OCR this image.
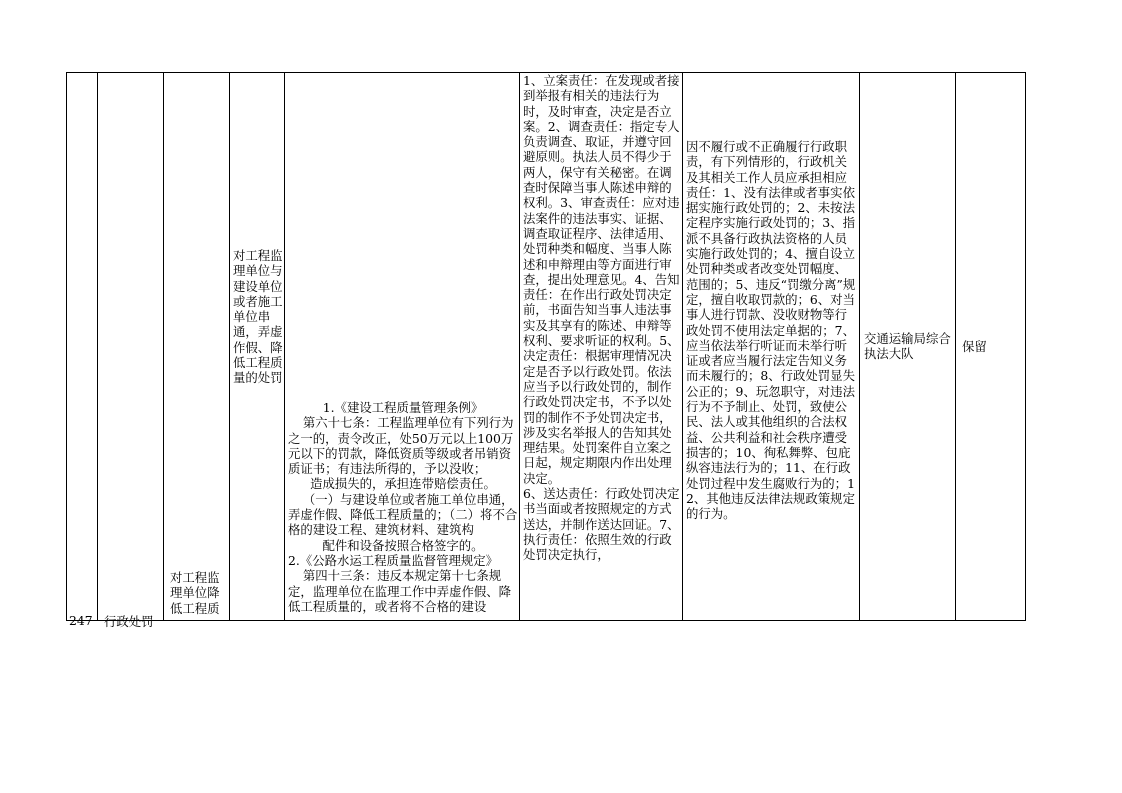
247 行政处罚
对工程监理单位降低工程质
对工程监理单位与建设单位或者施工单位串通，弄虚作假、降低工程质量的处罚

1.《建设工程质量管理条例》

第六十七条：工程监理单位有下列行为之一的，责令改正，处50万元以上100万元以下的罚款，降低资质等级或者吊销资质证书；有违法所得的，予以没收；

造成损失的，承担连带赔偿责任。

（一）与建设单位或者施工单位串通，弄虚作假、降低工程质量的；（二）将不合格的建设工程、建筑材料、建筑构

配件和设备按照合格签字的。

2.《公路水运工程质量监督管理规定》

第四十三条：违反本规定第十七条规定，监理单位在监理工作中弄虚作假、降低工程质量的，或者将不合格的建设

1、立案责任：在发现或者接到举报有相关的违法行为时，及时审查，决定是否立案。2、调查责任：指定专人负责调查、取证，并遵守回避原则。执法人员不得少于两人，保守有关秘密。在调查时保障当事人陈述申辩的权利。3、审查责任：应对违法案件的违法事实、证据、调查取证程序、法律适用、处罚种类和幅度、当事人陈述和申辩理由等方面进行审查，提出处理意见。4、告知责任：在作出行政处罚决定前，书面告知当事人违法事实及其享有的陈述、申辩等权利、要求听证的权利。5、决定责任：根据审理情况决定是否予以行政处罚。依法应当予以行政处罚的，制作行政处罚决定书，不予以处罚的制作不予处罚决定书，涉及实名举报人的告知其处理结果。处罚案件自立案之日起，规定期限内作出处理决定。

6、送达责任：行政处罚决定书当面或者按照规定的方式送达，并制作送达回证。7、执行责任：依照生效的行政处罚决定执行，

因不履行或不正确履行行政职责，有下列情形的，行政机关及其相关工作人员应承担相应责任：1、没有法律或者事实依据实施行政处罚的；2、未按法定程序实施行政处罚的；3、指派不具备行政执法资格的人员实施行政处罚的；4、擅自设立处罚种类或者改变处罚幅度、范围的；5、违反“罚缴分离”规定，擅自收取罚款的；6、对当事人进行罚款、没收财物等行政处罚不使用法定单据的；7、应当依法举行听证而未举行听证或者应当履行法定告知义务而未履行的；8、行政处罚显失公正的；9、玩忽职守，对违法行为不予制止、处罚，致使公民、法人或其他组织的合法权益、公共利益和社会秩序遭受损害的；10、徇私舞弊、包庇纵容违法行为的；11、在行政处罚过程中发生腐败行为的；12、其他违反法律法规政策规定的行为。
交通运输局综合执法大队	保留
